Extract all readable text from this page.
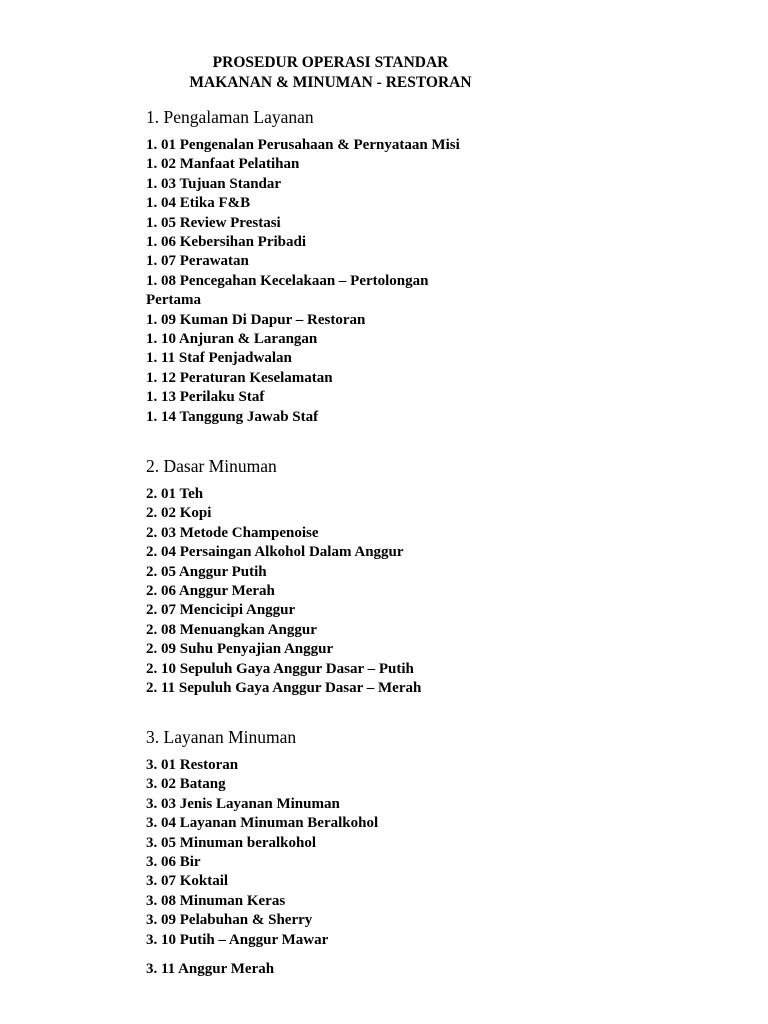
PROSEDUR OPERASI STANDAR
MAKANAN & MINUMAN - RESTORAN
1. Pengalaman Layanan
1. 01 Pengenalan Perusahaan & Pernyataan Misi
1. 02 Manfaat Pelatihan
1. 03 Tujuan Standar
1. 04 Etika F&B
1. 05 Review Prestasi
1. 06 Kebersihan Pribadi
1. 07 Perawatan
1. 08 Pencegahan Kecelakaan – Pertolongan Pertama
1. 09 Kuman Di Dapur – Restoran
1. 10 Anjuran & Larangan
1. 11 Staf Penjadwalan
1. 12 Peraturan Keselamatan
1. 13 Perilaku Staf
1. 14 Tanggung Jawab Staf
2. Dasar Minuman
2. 01 Teh
2. 02 Kopi
2. 03 Metode Champenoise
2. 04 Persaingan Alkohol Dalam Anggur
2. 05 Anggur Putih
2. 06 Anggur Merah
2. 07 Mencicipi Anggur
2. 08 Menuangkan Anggur
2. 09 Suhu Penyajian Anggur
2. 10 Sepuluh Gaya Anggur Dasar – Putih
2. 11 Sepuluh Gaya Anggur Dasar – Merah
3. Layanan Minuman
3. 01 Restoran
3. 02 Batang
3. 03 Jenis Layanan Minuman
3. 04 Layanan Minuman Beralkohol
3. 05 Minuman beralkohol
3. 06 Bir
3. 07 Koktail
3. 08 Minuman Keras
3. 09 Pelabuhan & Sherry
3. 10 Putih – Anggur Mawar
3. 11 Anggur Merah
